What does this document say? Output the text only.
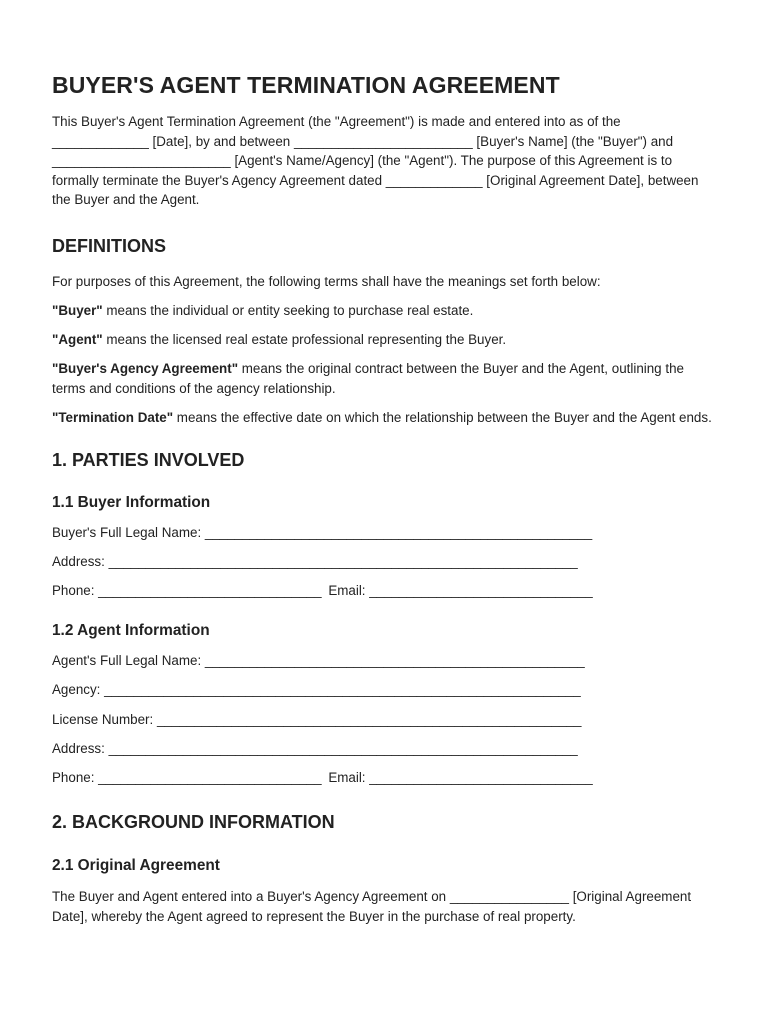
BUYER'S AGENT TERMINATION AGREEMENT

This Buyer's Agent Termination Agreement (the "Agreement") is made and entered into as of the _____________ [Date], by and between ________________________ [Buyer's Name] (the "Buyer") and ________________________ [Agent's Name/Agency] (the "Agent"). The purpose of this Agreement is to formally terminate the Buyer's Agency Agreement dated _____________ [Original Agreement Date], between the Buyer and the Agent.

DEFINITIONS

For purposes of this Agreement, the following terms shall have the meanings set forth below:

"Buyer" means the individual or entity seeking to purchase real estate.

"Agent" means the licensed real estate professional representing the Buyer.

"Buyer's Agency Agreement" means the original contract between the Buyer and the Agent, outlining the terms and conditions of the agency relationship.

"Termination Date" means the effective date on which the relationship between the Buyer and the Agent ends.

1. PARTIES INVOLVED
1.1 Buyer Information

Buyer's Full Legal Name: ____________________________________________________

Address: _______________________________________________________________

Phone: ______________________________ Email: ______________________________

1.2 Agent Information

Agent's Full Legal Name: ___________________________________________________

Agency: ________________________________________________________________

License Number: _________________________________________________________

Address: _______________________________________________________________

Phone: ______________________________ Email: ______________________________

2. BACKGROUND INFORMATION
2.1 Original Agreement

The Buyer and Agent entered into a Buyer's Agency Agreement on ________________ [Original Agreement Date], whereby the Agent agreed to represent the Buyer in the purchase of real property.
